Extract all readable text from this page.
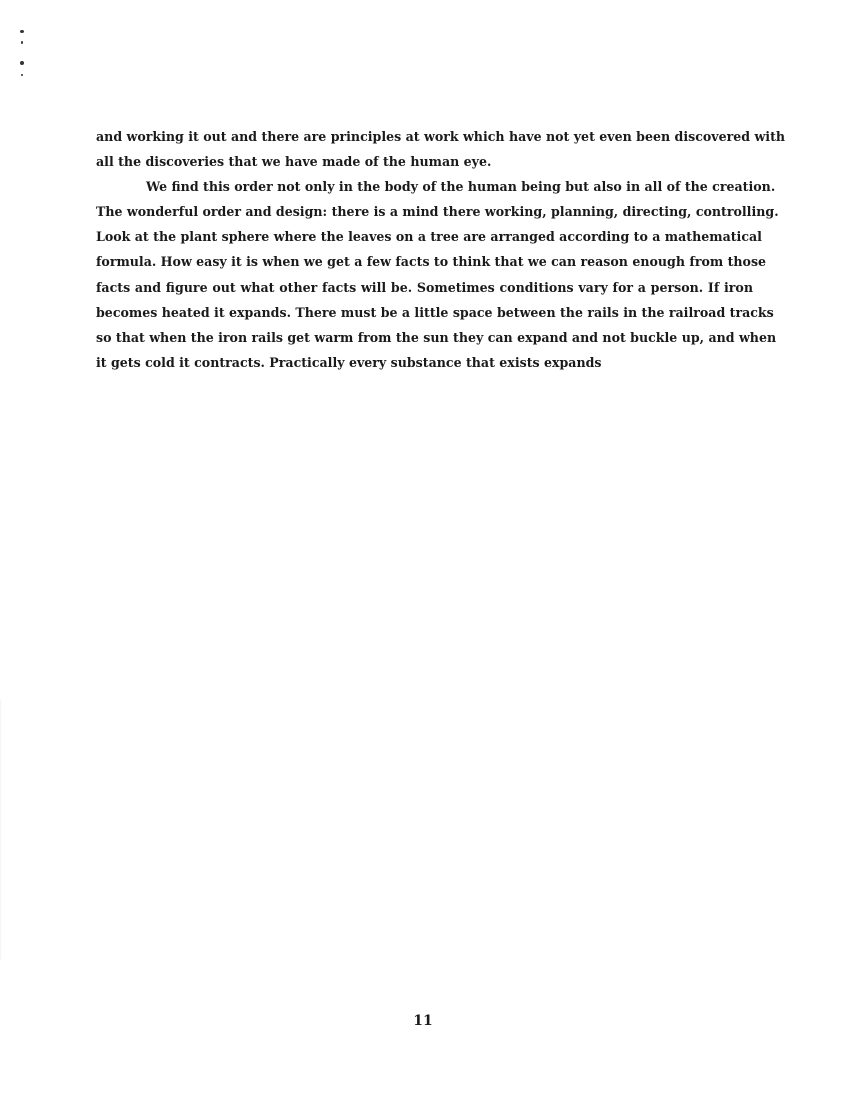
and working it out and there are principles at work which have not yet even been discovered with
all the discoveries that we have made of the human eye.
We find this order not only in the body of the human being but also in all of the creation.
The wonderful order and design: there is a mind there working, planning, directing, controlling.
Look at the plant sphere where the leaves on a tree are arranged according to a mathematical
formula. How easy it is when we get a few facts to think that we can reason enough from those
facts and figure out what other facts will be. Sometimes conditions vary for a person. If iron
becomes heated it expands. There must be a little space between the rails in the railroad tracks
so that when the iron rails get warm from the sun they can expand and not buckle up, and when
it gets cold it contracts. Practically every substance that exists expands
11
